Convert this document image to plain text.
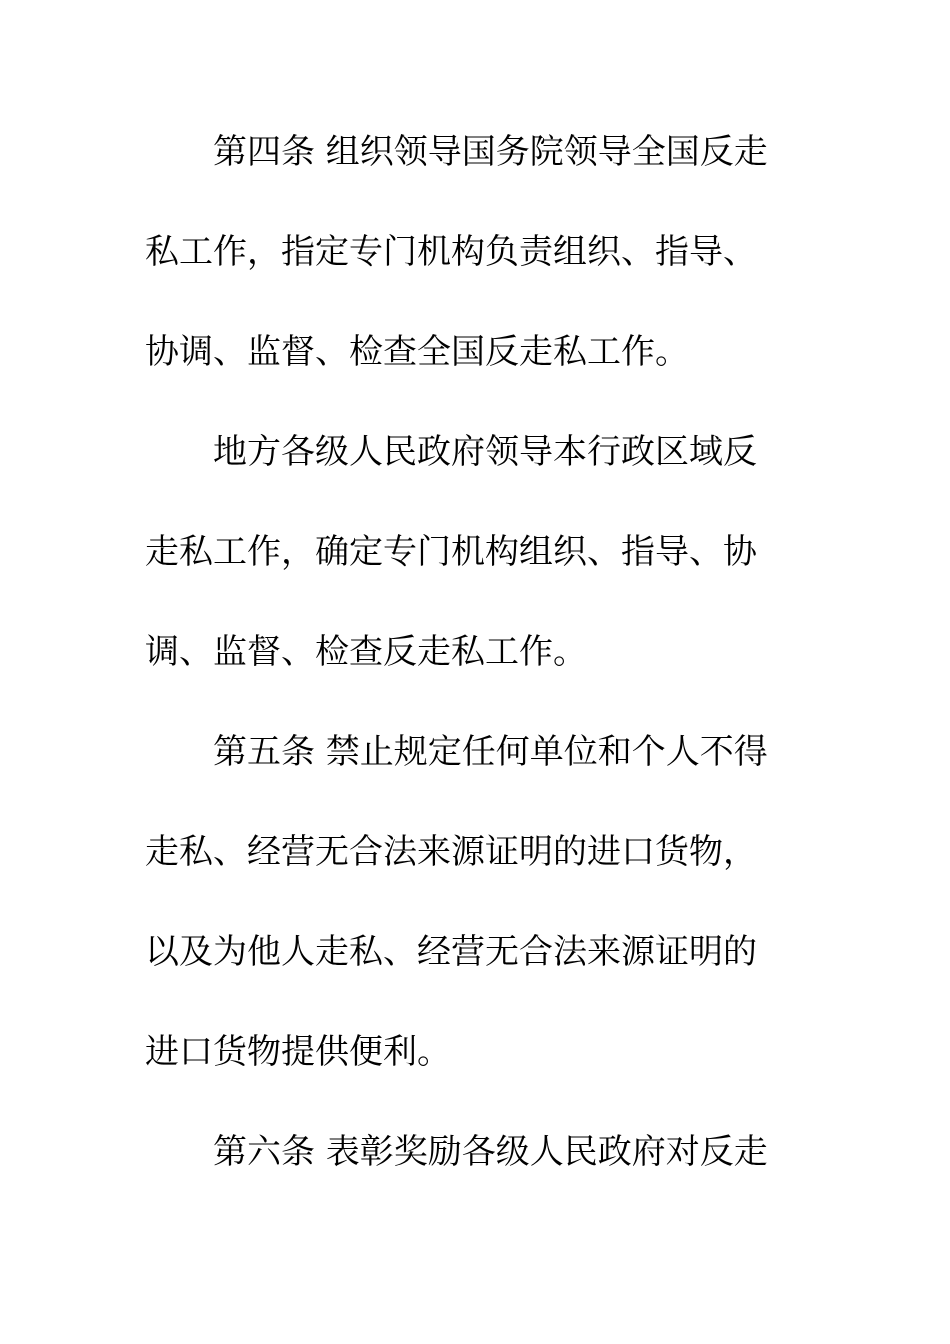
第四条 组织领导国务院领导全国反走
私工作，指定专门机构负责组织、指导、
协调、监督、检查全国反走私工作。
地方各级人民政府领导本行政区域反
走私工作，确定专门机构组织、指导、协
调、监督、检查反走私工作。
第五条 禁止规定任何单位和个人不得
走私、经营无合法来源证明的进口货物，
以及为他人走私、经营无合法来源证明的
进口货物提供便利。
第六条 表彰奖励各级人民政府对反走
